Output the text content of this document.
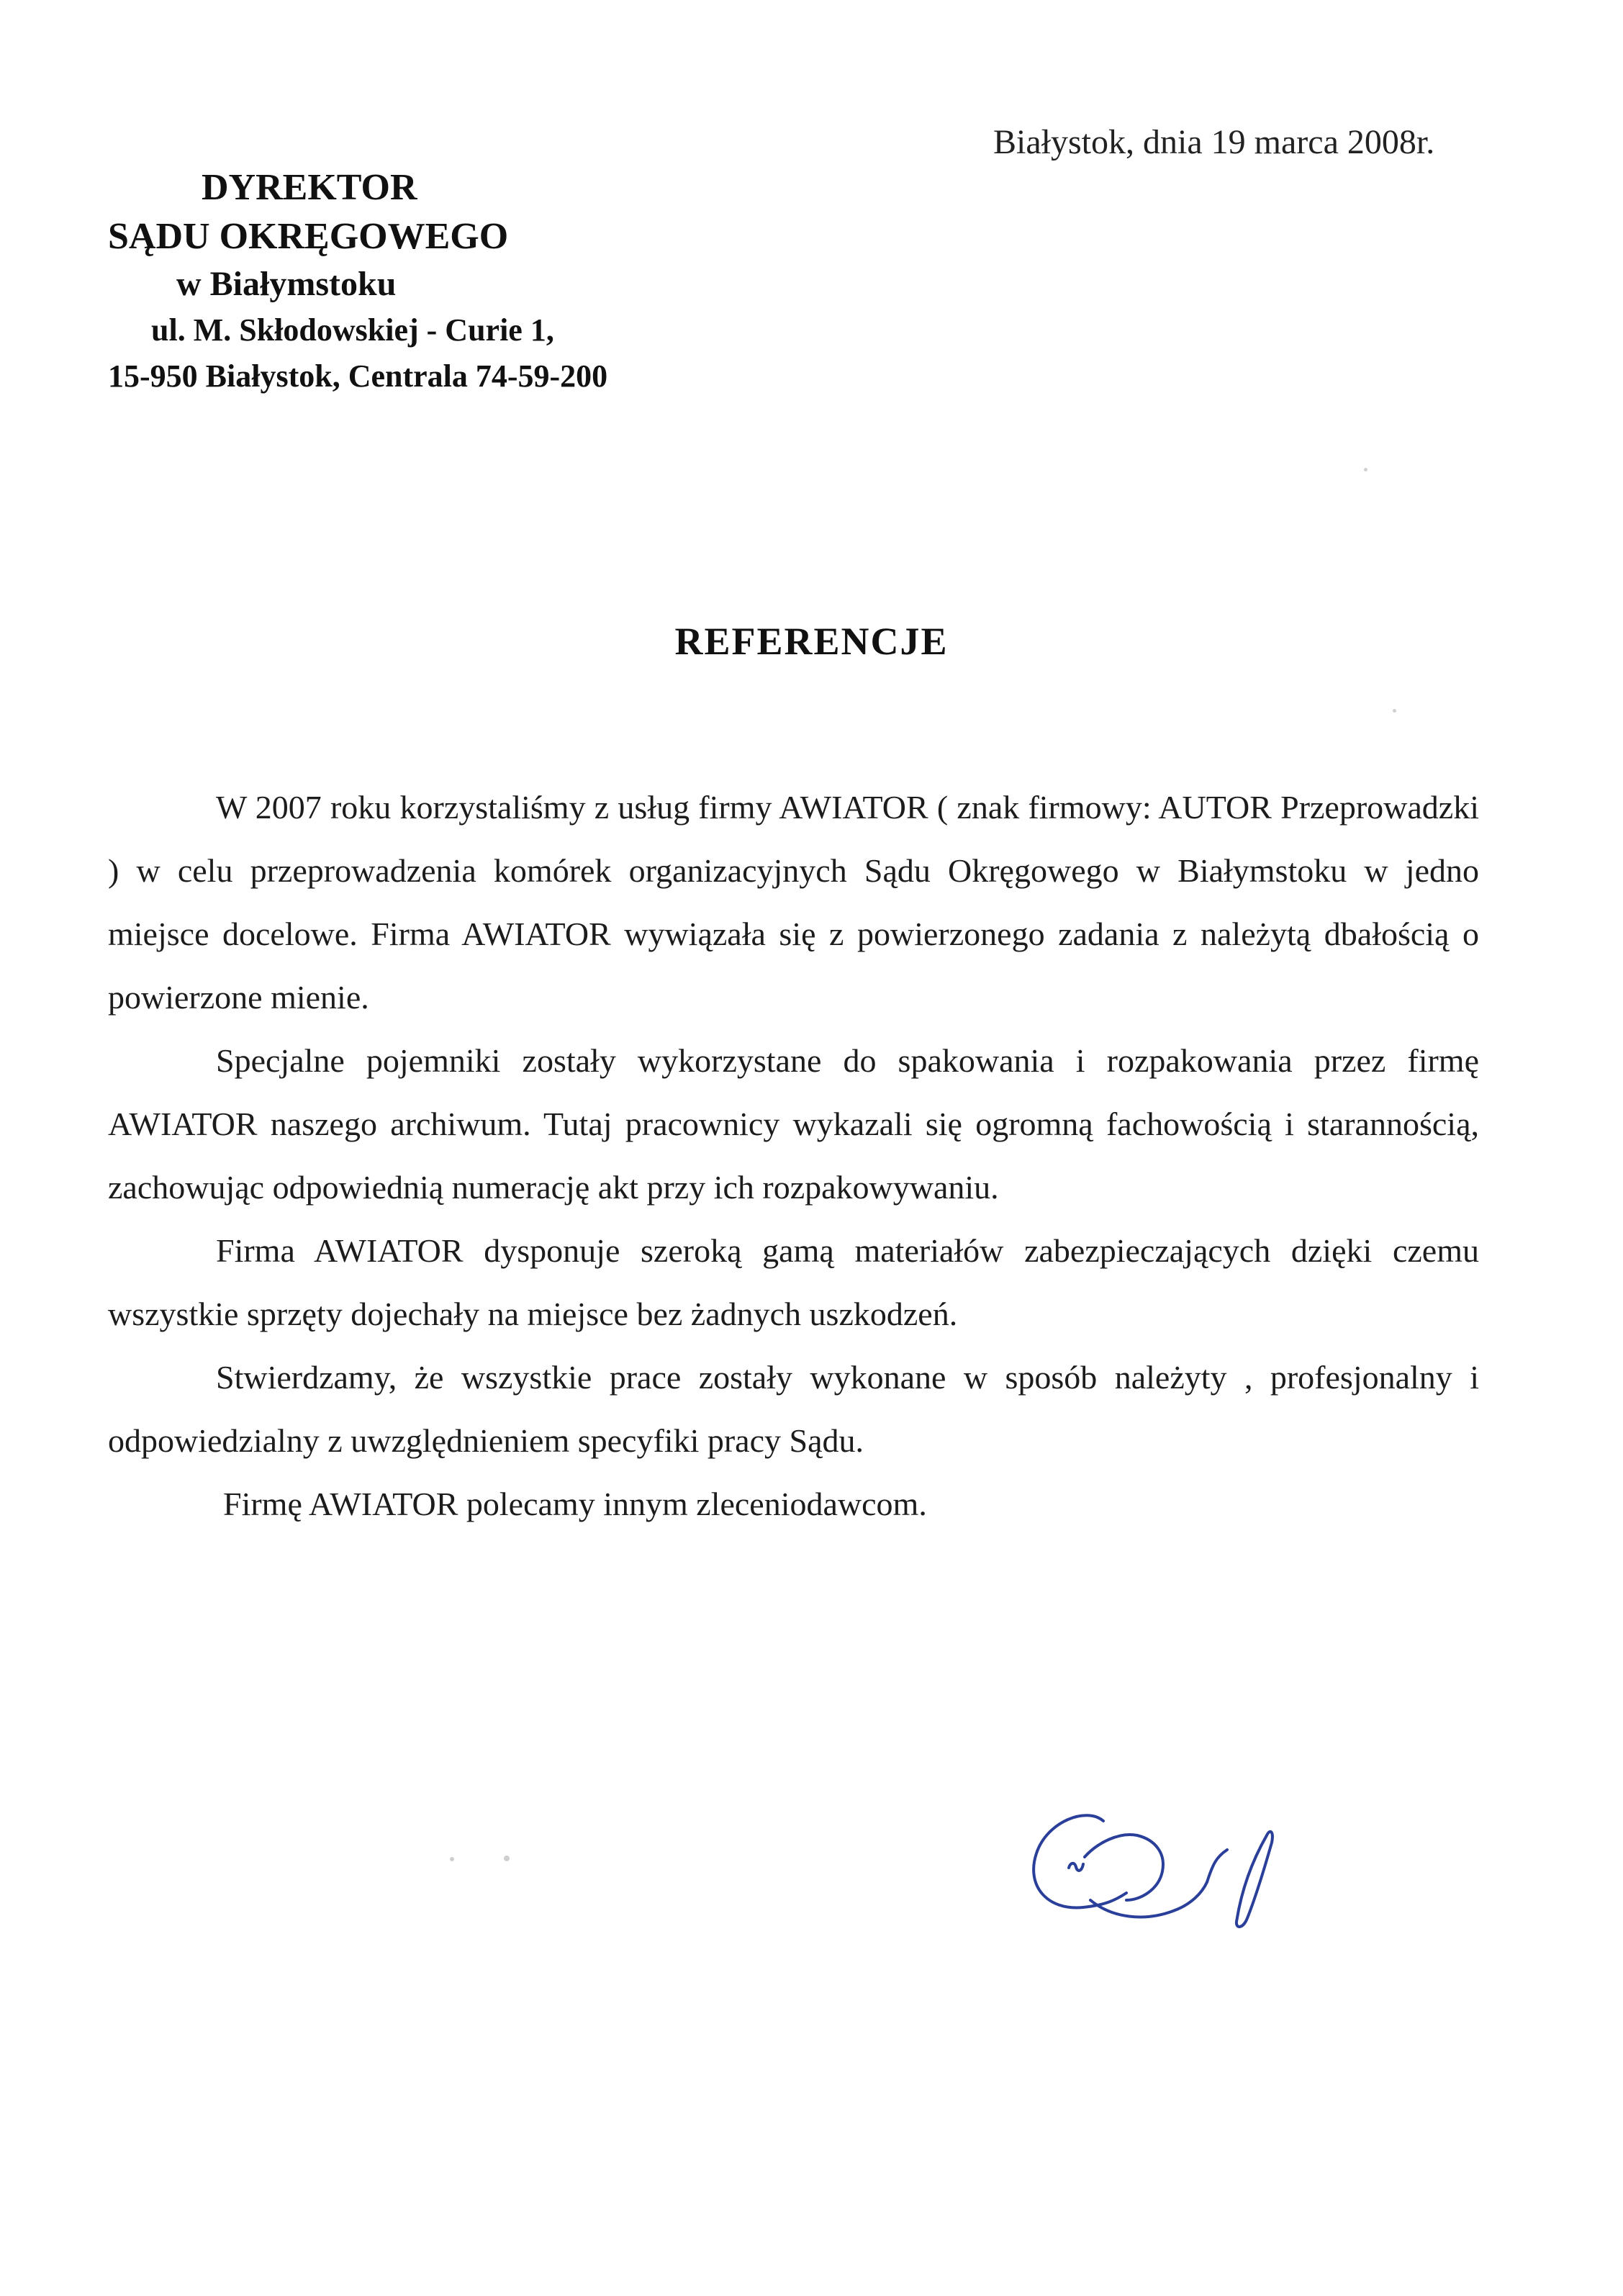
Białystok, dnia 19 marca 2008r.
DYREKTOR
SĄDU OKRĘGOWEGO
w Białymstoku
ul. M. Skłodowskiej - Curie 1,
15-950 Białystok, Centrala 74-59-200
REFERENCJE

W 2007 roku korzystaliśmy z usług firmy AWIATOR ( znak firmowy: AUTOR Przeprowadzki ) w celu przeprowadzenia komórek organizacyjnych Sądu Okręgowego w Białymstoku w jedno miejsce docelowe. Firma AWIATOR wywiązała się z powierzonego zadania z należytą dbałością o powierzone mienie.

Specjalne pojemniki zostały wykorzystane do spakowania i rozpakowania przez firmę AWIATOR naszego archiwum. Tutaj pracownicy wykazali się ogromną fachowością i starannością, zachowując odpowiednią numerację akt przy ich rozpakowywaniu.

Firma AWIATOR dysponuje szeroką gamą materiałów zabezpieczających dzięki czemu wszystkie sprzęty dojechały na miejsce bez żadnych uszkodzeń.

Stwierdzamy, że wszystkie prace zostały wykonane w sposób należyty , profesjonalny i odpowiedzialny z uwzględnieniem specyfiki pracy Sądu.

Firmę AWIATOR polecamy innym zleceniodawcom.
